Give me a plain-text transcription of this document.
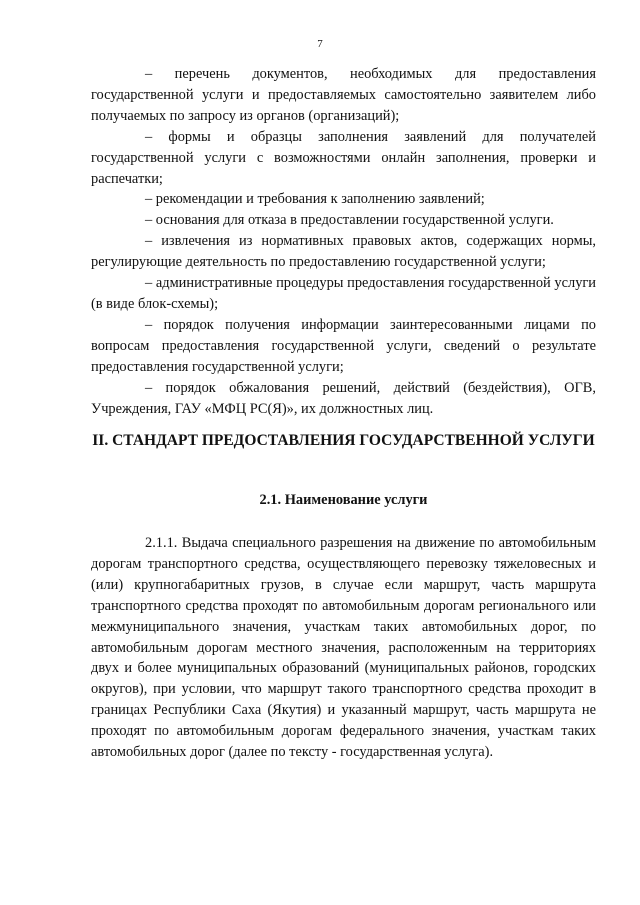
7

– перечень документов, необходимых для предоставления государственной услуги и предоставляемых самостоятельно заявителем либо получаемых по запросу из органов (организаций);

– формы и образцы заполнения заявлений для получателей государственной услуги с возможностями онлайн заполнения, проверки и распечатки;

– рекомендации и требования к заполнению заявлений;

– основания для отказа в предоставлении государственной услуги.

– извлечения из нормативных правовых актов, содержащих нормы, регулирующие деятельность по предоставлению государственной услуги;

– административные процедуры предоставления государственной услуги (в виде блок-схемы);

– порядок получения информации заинтересованными лицами по вопросам предоставления государственной услуги, сведений о результате предоставления государственной услуги;

– порядок обжалования решений, действий (бездействия), ОГВ, Учреждения, ГАУ «МФЦ РС(Я)», их должностных лиц.

II. СТАНДАРТ ПРЕДОСТАВЛЕНИЯ ГОСУДАРСТВЕННОЙ УСЛУГИ
2.1. Наименование услуги

2.1.1. Выдача специального разрешения на движение по автомобильным дорогам транспортного средства, осуществляющего перевозку тяжеловесных и (или) крупногабаритных грузов, в случае если маршрут, часть маршрута транспортного средства проходят по автомобильным дорогам регионального или межмуниципального значения, участкам таких автомобильных дорог, по автомобильным дорогам местного значения, расположенным на территориях двух и более муниципальных образований (муниципальных районов, городских округов), при условии, что маршрут такого транспортного средства проходит в границах Республики Саха (Якутия) и указанный маршрут, часть маршрута не проходят по автомобильным дорогам федерального значения, участкам таких автомобильных дорог (далее по тексту - государственная услуга).
